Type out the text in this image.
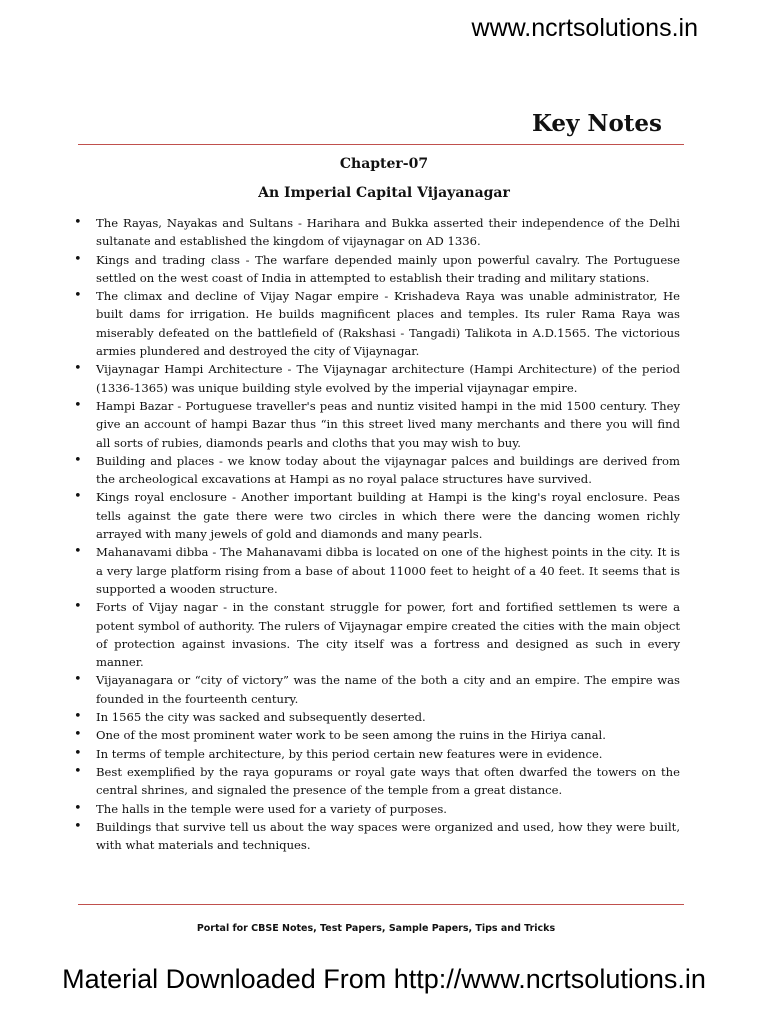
www.ncrtsolutions.in
Key Notes
Chapter-07
An Imperial Capital Vijayanagar
• The Rayas, Nayakas and Sultans - Harihara and Bukka asserted their independence of the Delhi sultanate and established the kingdom of vijaynagar on AD 1336.
• Kings and trading class - The warfare depended mainly upon powerful cavalry. The Portuguese settled on the west coast of India in attempted to establish their trading and military stations.
• The climax and decline of Vijay Nagar empire - Krishadeva Raya was unable administrator, He built dams for irrigation. He builds magnificent places and temples. Its ruler Rama Raya was miserably defeated on the battlefield of (Rakshasi - Tangadi) Talikota in A.D.1565. The victorious armies plundered and destroyed the city of Vijaynagar.
• Vijaynagar Hampi Architecture - The Vijaynagar architecture (Hampi Architecture) of the period (1336-1365) was unique building style evolved by the imperial vijaynagar empire.
• Hampi Bazar - Portuguese traveller's peas and nuntiz visited hampi in the mid 1500 century. They give an account of hampi Bazar thus “in this street lived many merchants and there you will find all sorts of rubies, diamonds pearls and cloths that you may wish to buy.
• Building and places - we know today about the vijaynagar palces and buildings are derived from the archeological excavations at Hampi as no royal palace structures have survived.
• Kings royal enclosure - Another important building at Hampi is the king's royal enclosure. Peas tells against the gate there were two circles in which there were the dancing women richly arrayed with many jewels of gold and diamonds and many pearls.
• Mahanavami dibba - The Mahanavami dibba is located on one of the highest points in the city. It is a very large platform rising from a base of about 11000 feet to height of a 40 feet. It seems that is supported a wooden structure.
• Forts of Vijay nagar - in the constant struggle for power, fort and fortified settlemen ts were a potent symbol of authority. The rulers of Vijaynagar empire created the cities with the main object of protection against invasions. The city itself was a fortress and designed as such in every manner.
• Vijayanagara or “city of victory” was the name of the both a city and an empire. The empire was founded in the fourteenth century.
• In 1565 the city was sacked and subsequently deserted.
• One of the most prominent water work to be seen among the ruins in the Hiriya canal.
• In terms of temple architecture, by this period certain new features were in evidence.
• Best exemplified by the raya gopurams or royal gate ways that often dwarfed the towers on the central shrines, and signaled the presence of the temple from a great distance.
• The halls in the temple were used for a variety of purposes.
• Buildings that survive tell us about the way spaces were organized and used, how they were built, with what materials and techniques.
Portal for CBSE Notes, Test Papers, Sample Papers, Tips and Tricks
Material Downloaded From http://www.ncrtsolutions.in
